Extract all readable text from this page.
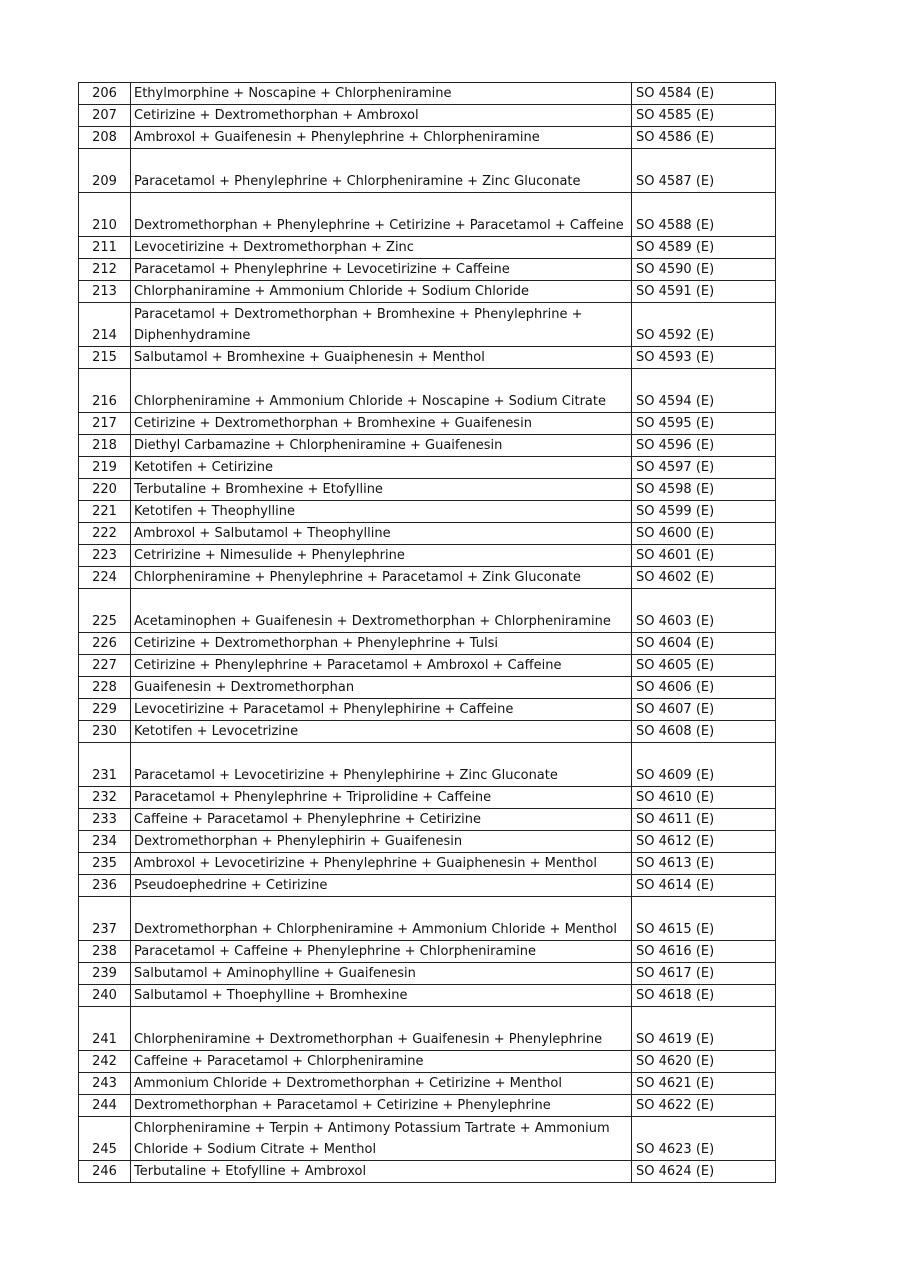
206	Ethylmorphine + Noscapine + Chlorpheniramine	SO 4584 (E)
207	Cetirizine + Dextromethorphan + Ambroxol	SO 4585 (E)
208	Ambroxol + Guaifenesin + Phenylephrine + Chlorpheniramine	SO 4586 (E)
209	Paracetamol + Phenylephrine + Chlorpheniramine + Zinc Gluconate	SO 4587 (E)
210	Dextromethorphan + Phenylephrine + Cetirizine + Paracetamol + Caffeine	SO 4588 (E)
211	Levocetirizine + Dextromethorphan + Zinc	SO 4589 (E)
212	Paracetamol + Phenylephrine + Levocetirizine + Caffeine	SO 4590 (E)
213	Chlorphaniramine + Ammonium Chloride + Sodium Chloride	SO 4591 (E)
214	Paracetamol + Dextromethorphan + Bromhexine + Phenylephrine + Diphenhydramine	SO 4592 (E)
215	Salbutamol + Bromhexine + Guaiphenesin + Menthol	SO 4593 (E)
216	Chlorpheniramine + Ammonium Chloride + Noscapine + Sodium Citrate	SO 4594 (E)
217	Cetirizine + Dextromethorphan + Bromhexine + Guaifenesin	SO 4595 (E)
218	Diethyl Carbamazine + Chlorpheniramine + Guaifenesin	SO 4596 (E)
219	Ketotifen + Cetirizine	SO 4597 (E)
220	Terbutaline + Bromhexine + Etofylline	SO 4598 (E)
221	Ketotifen + Theophylline	SO 4599 (E)
222	Ambroxol + Salbutamol + Theophylline	SO 4600 (E)
223	Cetririzine + Nimesulide + Phenylephrine	SO 4601 (E)
224	Chlorpheniramine + Phenylephrine + Paracetamol + Zink Gluconate	SO 4602 (E)
225	Acetaminophen + Guaifenesin + Dextromethorphan + Chlorpheniramine	SO 4603 (E)
226	Cetirizine + Dextromethorphan + Phenylephrine + Tulsi	SO 4604 (E)
227	Cetirizine + Phenylephrine + Paracetamol + Ambroxol + Caffeine	SO 4605 (E)
228	Guaifenesin + Dextromethorphan	SO 4606 (E)
229	Levocetirizine + Paracetamol + Phenylephirine + Caffeine	SO 4607 (E)
230	Ketotifen + Levocetrizine	SO 4608 (E)
231	Paracetamol + Levocetirizine + Phenylephirine + Zinc Gluconate	SO 4609 (E)
232	Paracetamol + Phenylephrine + Triprolidine + Caffeine	SO 4610 (E)
233	Caffeine + Paracetamol + Phenylephrine + Cetirizine	SO 4611 (E)
234	Dextromethorphan + Phenylephirin + Guaifenesin	SO 4612 (E)
235	Ambroxol + Levocetirizine + Phenylephrine + Guaiphenesin + Menthol	SO 4613 (E)
236	Pseudoephedrine + Cetirizine	SO 4614 (E)
237	Dextromethorphan + Chlorpheniramine + Ammonium Chloride + Menthol	SO 4615 (E)
238	Paracetamol + Caffeine + Phenylephrine + Chlorpheniramine	SO 4616 (E)
239	Salbutamol + Aminophylline + Guaifenesin	SO 4617 (E)
240	Salbutamol + Thoephylline + Bromhexine	SO 4618 (E)
241	Chlorpheniramine + Dextromethorphan + Guaifenesin + Phenylephrine	SO 4619 (E)
242	Caffeine + Paracetamol + Chlorpheniramine	SO 4620 (E)
243	Ammonium Chloride + Dextromethorphan + Cetirizine + Menthol	SO 4621 (E)
244	Dextromethorphan + Paracetamol + Cetirizine + Phenylephrine	SO 4622 (E)
245	Chlorpheniramine + Terpin + Antimony Potassium Tartrate + Ammonium Chloride + Sodium Citrate + Menthol	SO 4623 (E)
246	Terbutaline + Etofylline + Ambroxol	SO 4624 (E)
